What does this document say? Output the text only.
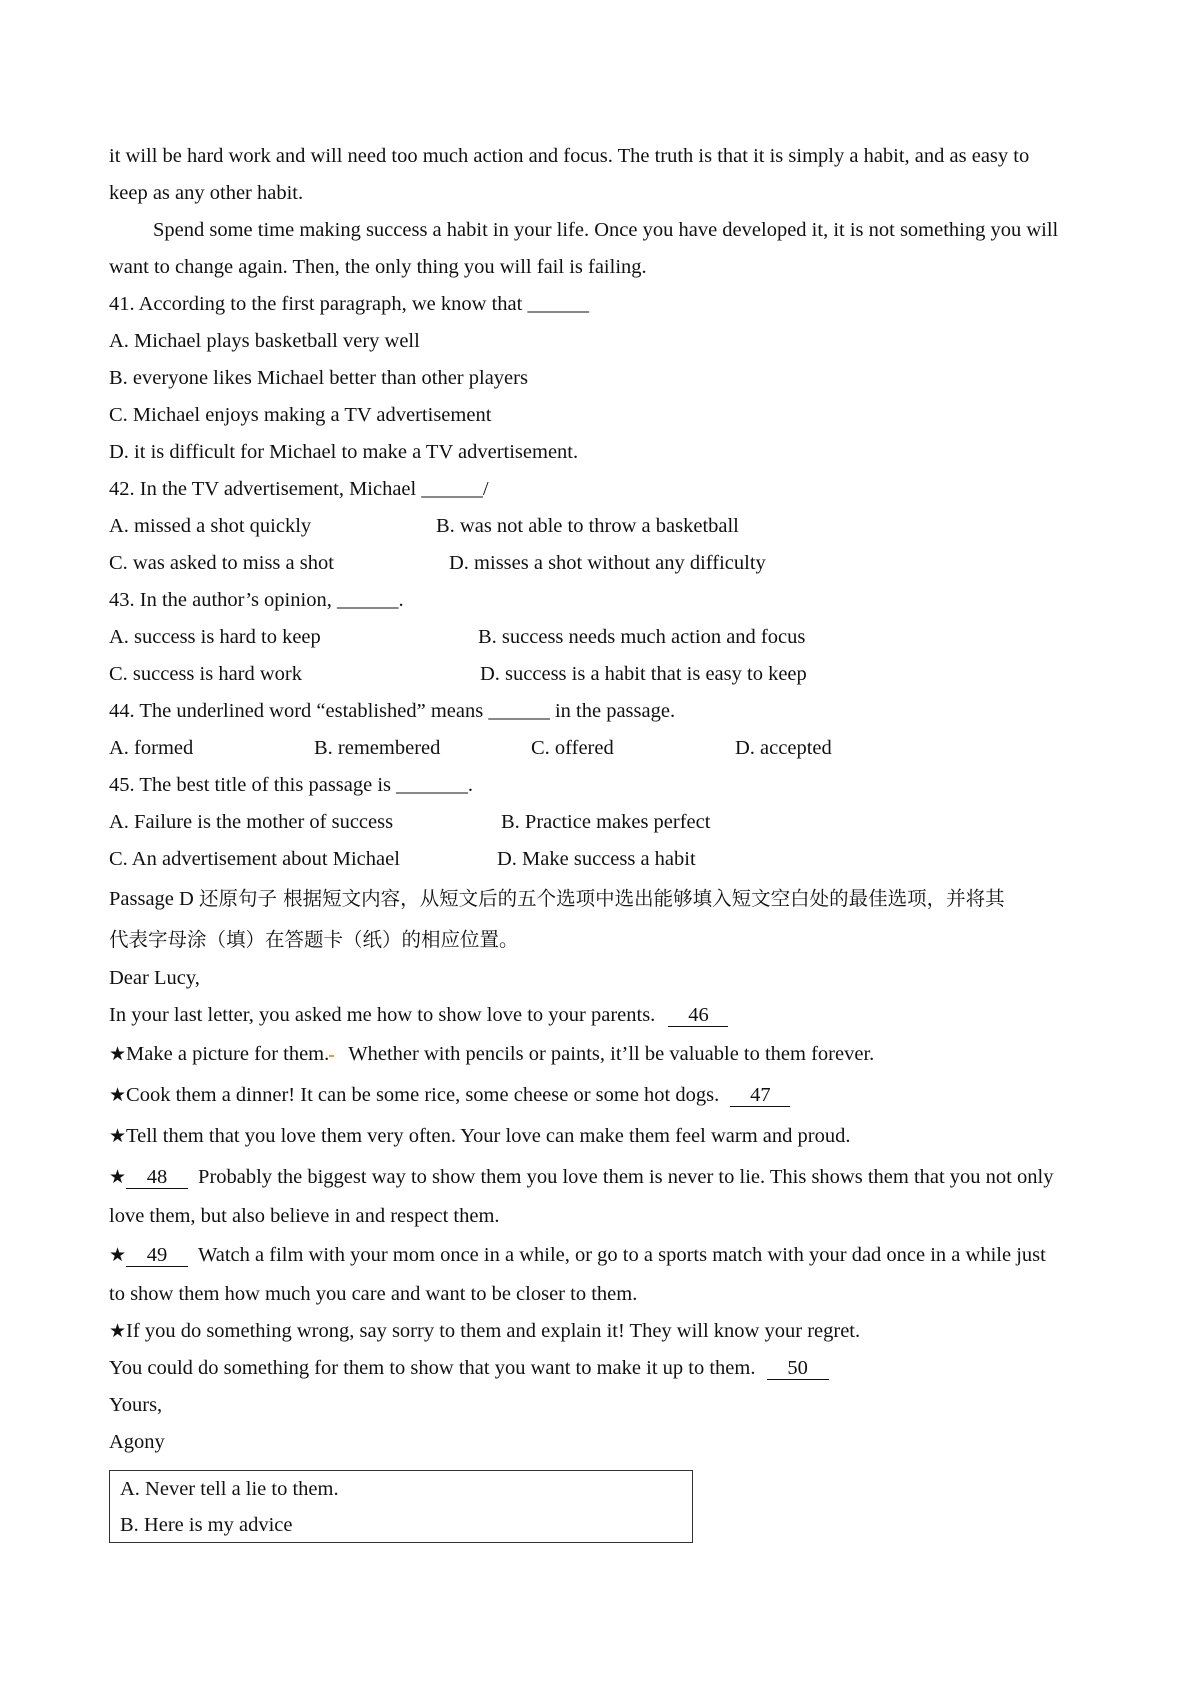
it will be hard work and will need too much action and focus. The truth is that it is simply a habit, and as easy to
keep as any other habit.
Spend some time making success a habit in your life. Once you have developed it, it is not something you will
want to change again. Then, the only thing you will fail is failing.
41. According to the first paragraph, we know that ______
A. Michael plays basketball very well
B. everyone likes Michael better than other players
C. Michael enjoys making a TV advertisement
D. it is difficult for Michael to make a TV advertisement.
42. In the TV advertisement, Michael ______/
A. missed a shot quickly	B. was not able to throw a basketball
C. was asked to miss a shot	D. misses a shot without any difficulty
43. In the author’s opinion, ______.
A. success is hard to keep	B. success needs much action and focus
C. success is hard work	D. success is a habit that is easy to keep
44. The underlined word “established” means ______ in the passage.
A. formed	B. remembered	C. offered	D. accepted
45. The best title of this passage is _______.
A. Failure is the mother of success	B. Practice makes perfect
C. An advertisement about Michael	D. Make success a habit
Passage D 还原句子 根据短文内容，从短文后的五个选项中选出能够填入短文空白处的最佳选项，并将其
代表字母涂（填）在答题卡（纸）的相应位置。
Dear Lucy,
In your last letter, you asked me how to show love to your parents. 46
★Make a picture for them. Whether with pencils or paints, it’ll be valuable to them forever.
★Cook them a dinner! It can be some rice, some cheese or some hot dogs. 47
★Tell them that you love them very often. Your love can make them feel warm and proud.
★ 48 Probably the biggest way to show them you love them is never to lie. This shows them that you not only
love them, but also believe in and respect them.
★ 49 Watch a film with your mom once in a while, or go to a sports match with your dad once in a while just
to show them how much you care and want to be closer to them.
★If you do something wrong, say sorry to them and explain it! They will know your regret.
You could do something for them to show that you want to make it up to them. 50
Yours,
Agony
A. Never tell a lie to them.
B. Here is my advice
